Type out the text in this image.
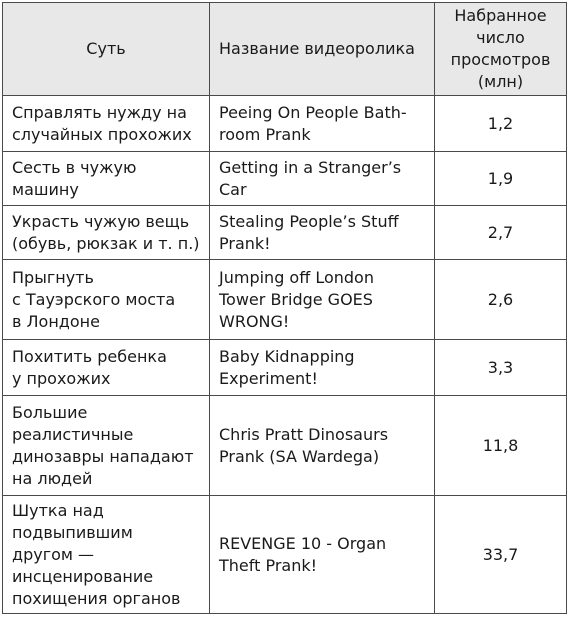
Суть	Название видеоролика	Набранное число просмотров (млн)

Справлять нужду на
случайных прохожих	Peeing On People Bath-
room Prank	1,2

Сесть в чужую машину	Getting in a Stranger’s
Car	1,9

Украсть чужую вещь
(обувь, рюкзак и т. п.)	Stealing People’s Stuff
Prank!	2,7

Прыгнуть
с Тауэрского моста
в Лондоне	Jumping off London
Tower Bridge GOES
WRONG!	2,6

Похитить ребенка
у прохожих	Baby Kidnapping
Experiment!	3,3

Большие
реалистичные
динозавры нападают
на людей	Chris Pratt Dinosaurs
Prank (SA Wardega)	11,8

Шутка над
подвыпившим
другом —
инсценирование
похищения органов	REVENGE 10 - Organ
Theft Prank!	33,7
